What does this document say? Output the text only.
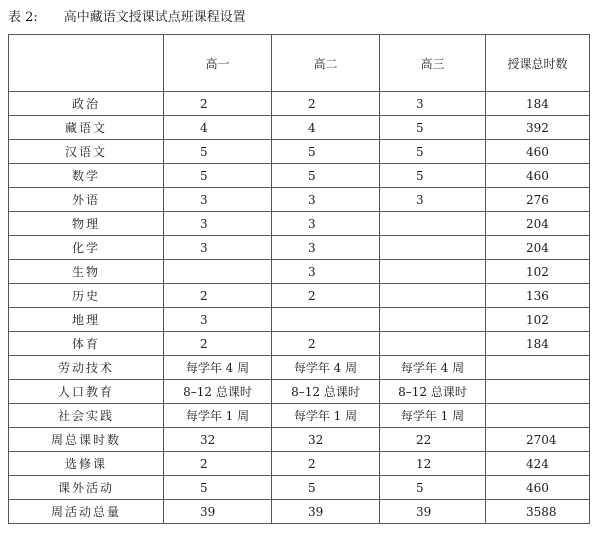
表 2: 高中藏语文授课试点班课程设置
	高一	高二	高三	授课总时数
政治	2	2	3	184
藏语文	4	4	5	392
汉语文	5	5	5	460
数学	5	5	5	460
外语	3	3	3	276
物理	3	3		204
化学	3	3		204
生物		3		102
历史	2	2		136
地理	3			102
体育	2	2		184
劳动技术	每学年 4 周	每学年 4 周	每学年 4 周	
人口教育	8–12 总课时	8–12 总课时	8–12 总课时	
社会实践	每学年 1 周	每学年 1 周	每学年 1 周	
周总课时数	32	32	22	2704
选修课	2	2	12	424
课外活动	5	5	5	460
周活动总量	39	39	39	3588
